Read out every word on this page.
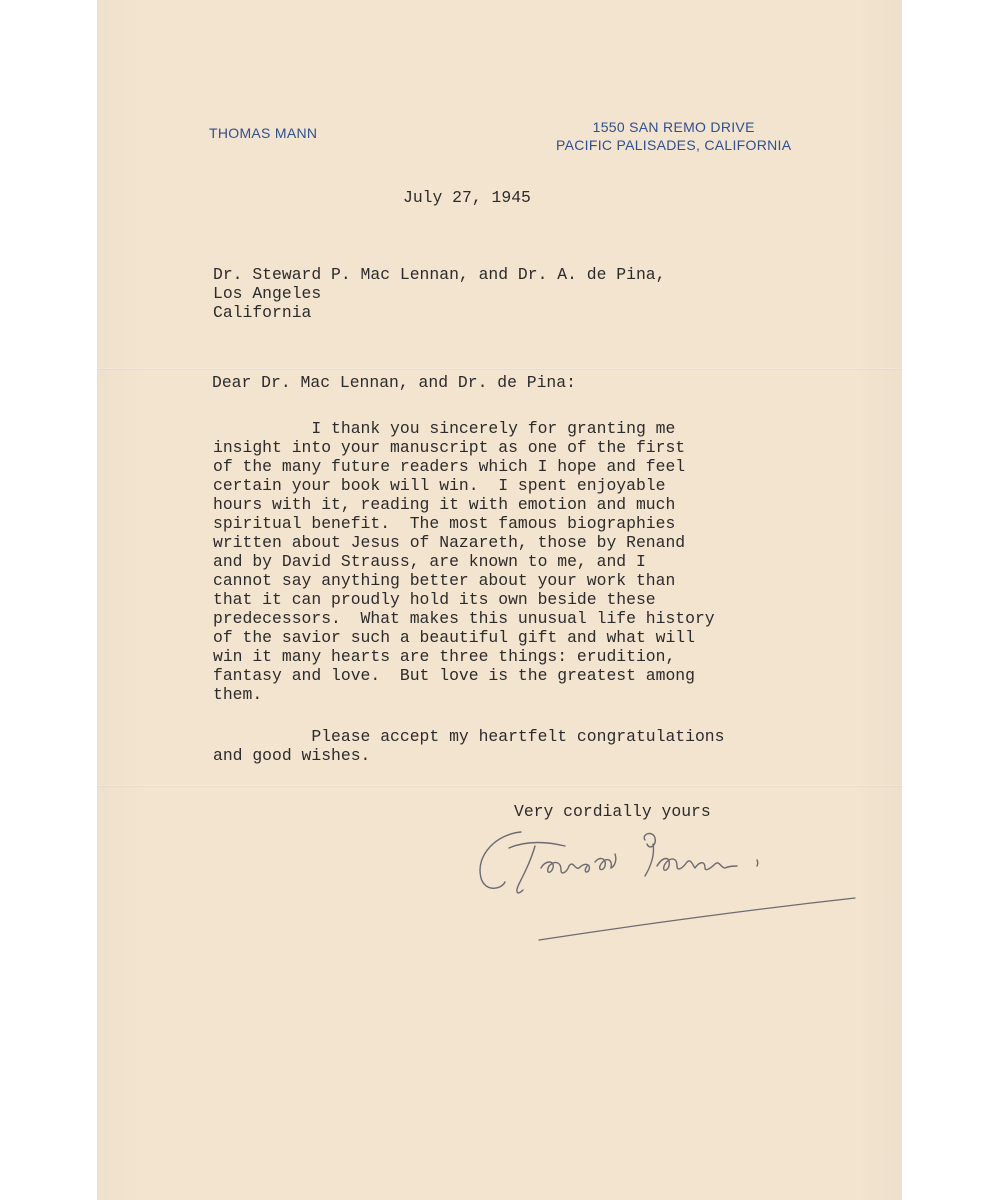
THOMAS MANN	1550 SAN REMO DRIVE
PACIFIC PALISADES, CALIFORNIA
July 27, 1945
Dr. Steward P. Mac Lennan, and Dr. A. de Pina,
Los Angeles
California
Dear Dr. Mac Lennan, and Dr. de Pina:
I thank you sincerely for granting me
insight into your manuscript as one of the first
of the many future readers which I hope and feel
certain your book will win.  I spent enjoyable
hours with it, reading it with emotion and much
spiritual benefit.  The most famous biographies
written about Jesus of Nazareth, those by Renand
and by David Strauss, are known to me, and I
cannot say anything better about your work than
that it can proudly hold its own beside these
predecessors.  What makes this unusual life history
of the savior such a beautiful gift and what will
win it many hearts are three things: erudition,
fantasy and love.  But love is the greatest among
them.
Please accept my heartfelt congratulations
and good wishes.
Very cordially yours
